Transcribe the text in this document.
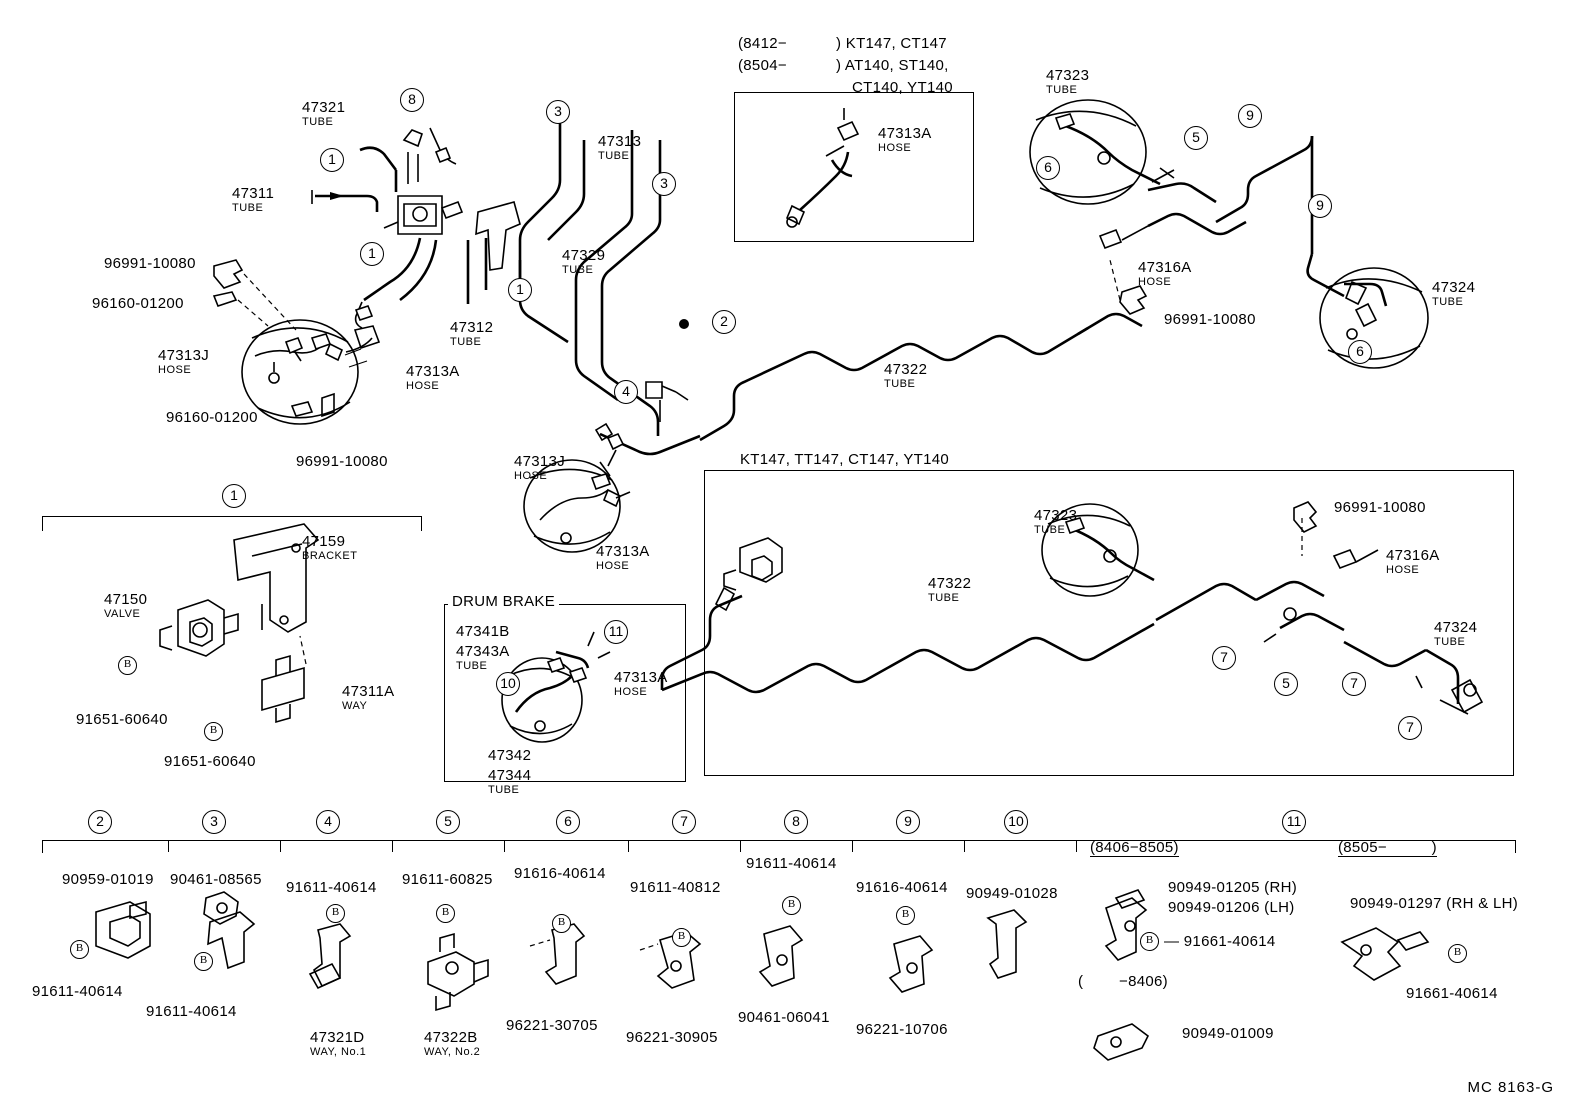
(8412−
(8504−
) KT147, CT147
) AT140, ST140,
CT140, YT140
47313A
HOSE
47321
TUBE
47311
TUBE
96991-10080
96160-01200
47313J
HOSE
96160-01200
96991-10080
47313A
HOSE
47312
TUBE
47329
TUBE
47313
TUBE
47313J
HOSE
47313A
HOSE
47322
TUBE
47316A
HOSE
96991-10080
47323
TUBE
47324
TUBE
8
1
1
1
3
3
2
4
6
5
9
9
6
1
47159
BRACKET
47150
VALVE
47311A
WAY
B
91651-60640
B
91651-60640
DRUM BRAKE
47341B
47343A
TUBE
47313A
HOSE
47342
47344
TUBE
11
10
KT147, TT147, CT147, YT140
47323
TUBE
96991-10080
47316A
HOSE
47322
TUBE
47324
TUBE
5
7
7
7
2	3	4	5	6	7	8	9	10	11
90959-01019
B
91611-40614
90461-08565
B
91611-40614
91611-40614
B
47321D
WAY, No.1
91611-60825
B
47322B
WAY, No.2
91616-40614
B
96221-30705
91611-40812
B
96221-30905
91611-40614
B
90461-06041
91616-40614
B
96221-10706
90949-01028
(8406−8505)	(8505−          )
90949-01205 (RH)
90949-01206 (LH)
B — 91661-40614
(        −8406)
90949-01009
90949-01297 (RH & LH)
B
91661-40614
MC 8163-G
